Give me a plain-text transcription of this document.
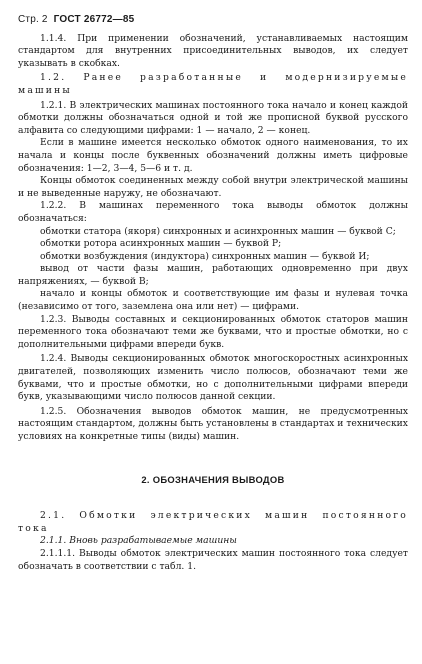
Стр. 2 ГОСТ 26772—85

1.1.4. При применении обозначений, устанавливаемых настоящим стандартом для внутренних присоединительных выводов, их следует указывать в скобках.

1.2. Ранее разработанные и модернизируемые машины

1.2.1. В электрических машинах постоянного тока начало и конец каждой обмотки должны обозначаться одной и той же прописной буквой русского алфавита со следующими цифрами: 1 — начало, 2 — конец.

Если в машине имеется несколько обмоток одного наименования, то их начала и концы после буквенных обозначений должны иметь цифровые обозначения: 1—2, 3—4, 5—6 и т. д.

Концы обмоток соединенных между собой внутри электрической машины и не выведенные наружу, не обозначают.

1.2.2. В машинах переменного тока выводы обмоток должны обозначаться:

обмотки статора (якоря) синхронных и асинхронных машин — буквой С;

обмотки ротора асинхронных машин — буквой Р;

обмотки возбуждения (индуктора) синхронных машин — буквой И;

вывод от части фазы машин, работающих одновременно при двух напряжениях, — буквой В;

начало и концы обмоток и соответствующие им фазы и нулевая точка (независимо от того, заземлена она или нет) — цифрами.

1.2.3. Выводы составных и секционированных обмоток статоров машин переменного тока обозначают теми же буквами, что и простые обмотки, но с дополнительными цифрами впереди букв.

1.2.4. Выводы секционированных обмоток многоскоростных асинхронных двигателей, позволяющих изменить число полюсов, обозначают теми же буквами, что и простые обмотки, но с дополнительными цифрами впереди букв, указывающими число полюсов данной секции.

1.2.5. Обозначения выводов обмоток машин, не предусмотренных настоящим стандартом, должны быть установлены в стандартах и технических условиях на конкретные типы (виды) машин.

2. ОБОЗНАЧЕНИЯ ВЫВОДОВ

2.1. Обмотки электрических машин постоянного тока

2.1.1. Вновь разрабатываемые машины

2.1.1.1. Выводы обмоток электрических машин постоянного тока следует обозначать в соответствии с табл. 1.
